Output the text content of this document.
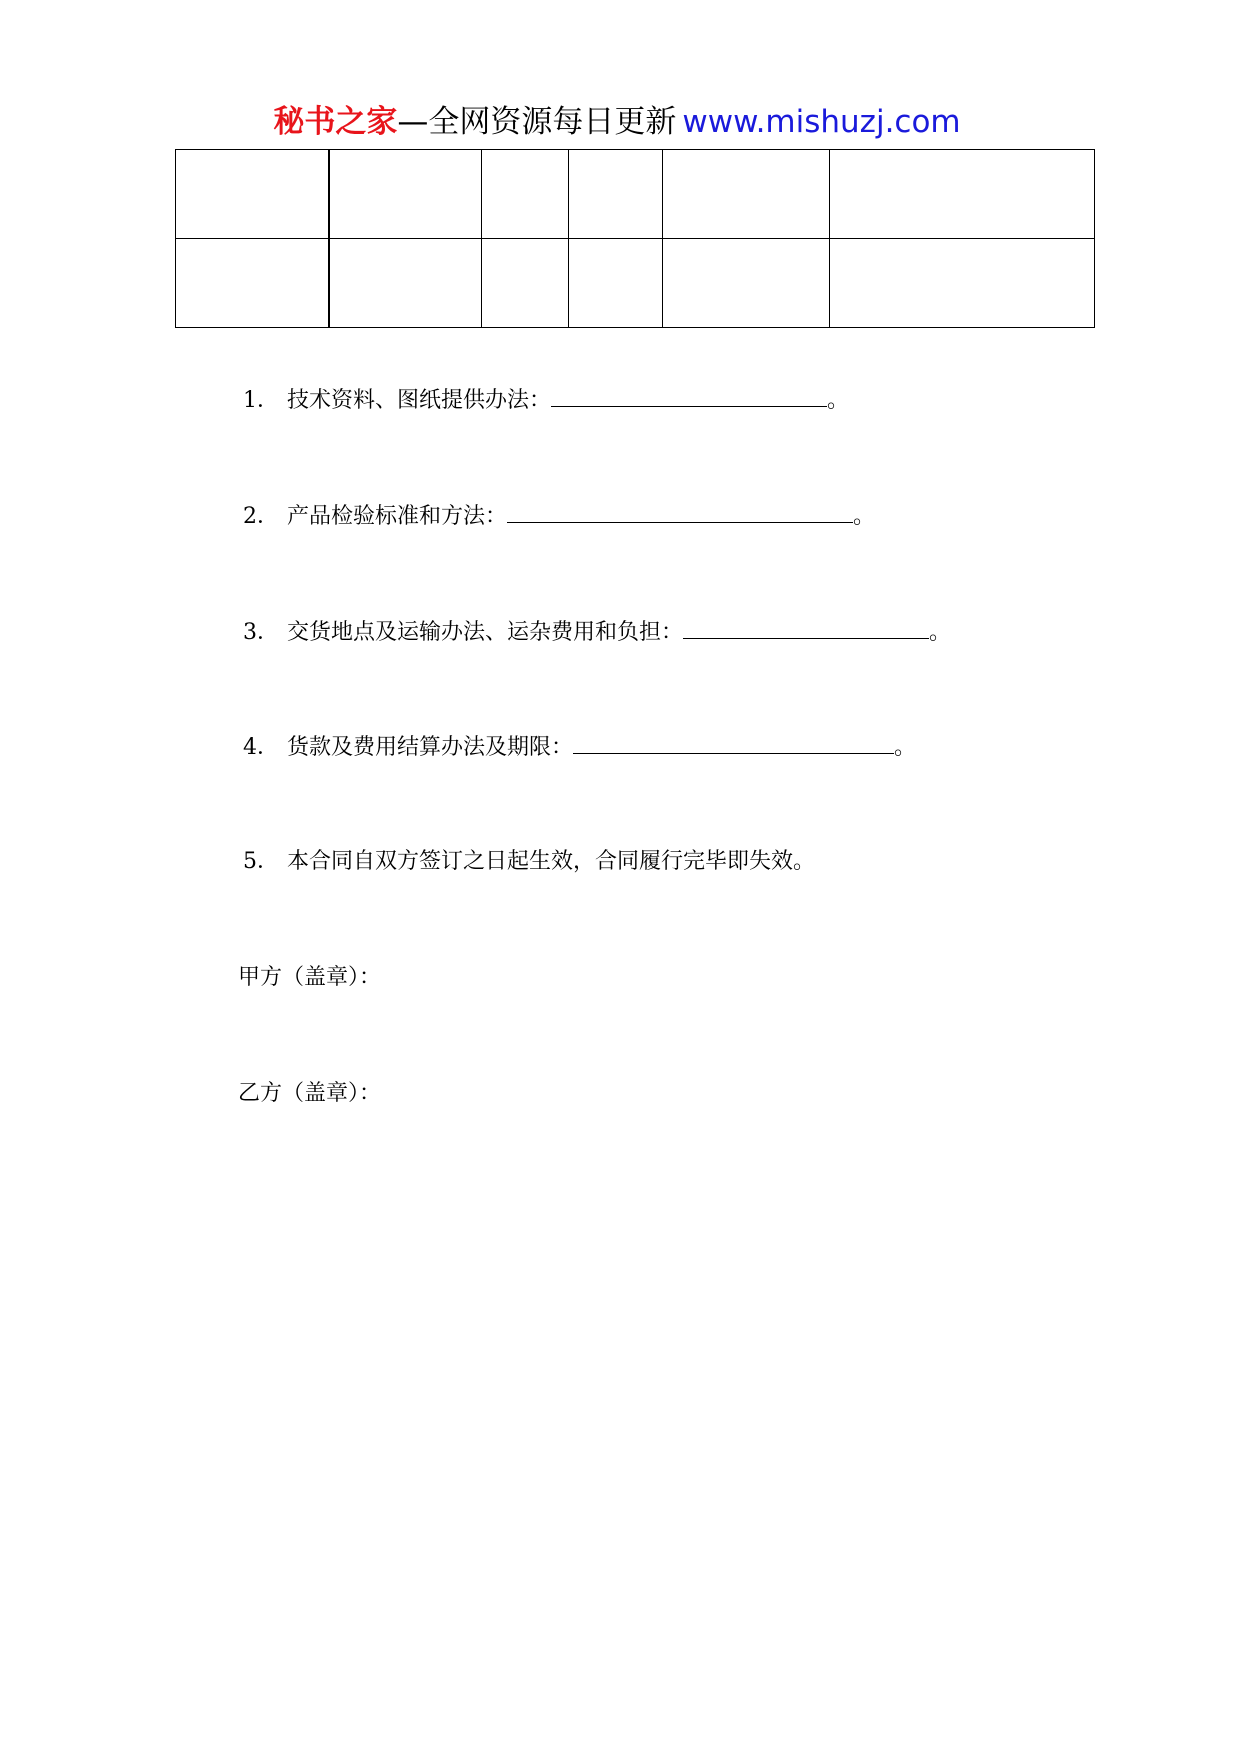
秘书之家—全网资源每日更新 www.mishuzj.com

1． 技术资料、图纸提供办法：	。
2． 产品检验标准和方法：	。
3． 交货地点及运输办法、运杂费用和负担：	。
4． 货款及费用结算办法及期限：	。
5． 本合同自双方签订之日起生效，合同履行完毕即失效。
甲方（盖章）：
乙方（盖章）：
